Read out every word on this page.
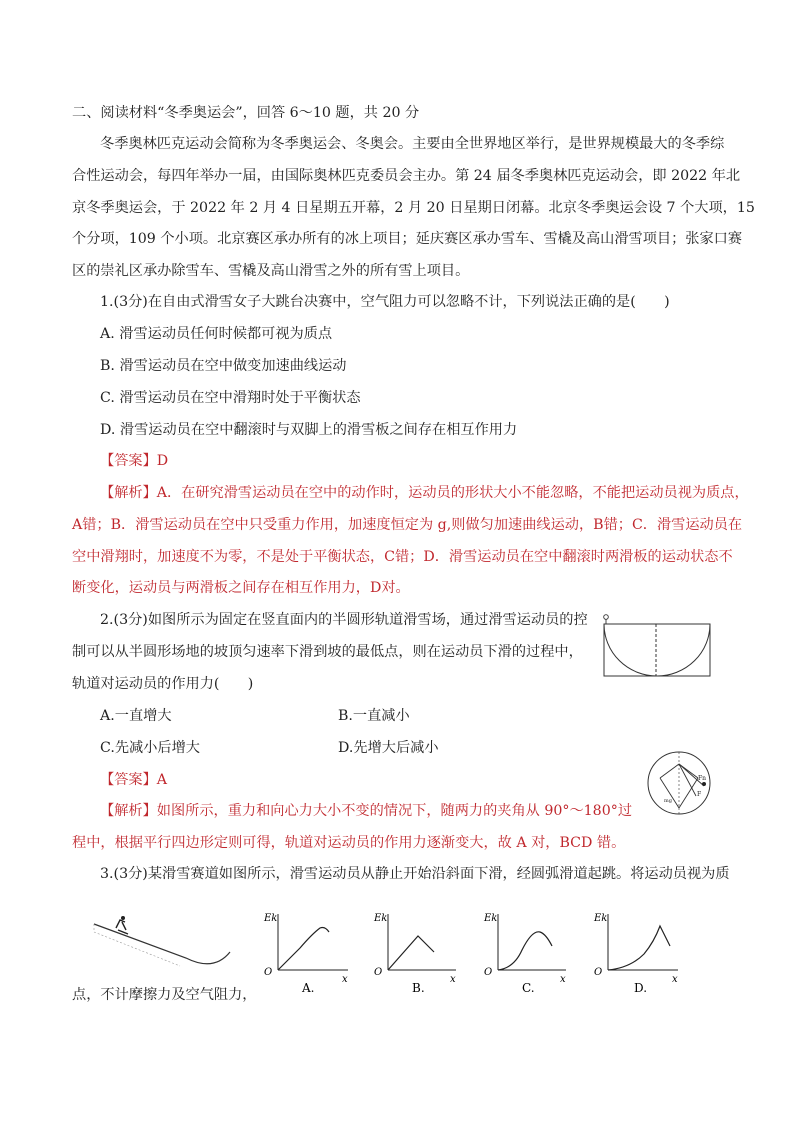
二、阅读材料“冬季奥运会”，回答 6～10 题，共 20 分
冬季奥林匹克运动会简称为冬季奥运会、冬奥会。主要由全世界地区举行，是世界规模最大的冬季综
合性运动会，每四年举办一届，由国际奥林匹克委员会主办。第 24 届冬季奥林匹克运动会，即 2022 年北
京冬季奥运会，于 2022 年 2 月 4 日星期五开幕，2 月 20 日星期日闭幕。北京冬季奥运会设 7 个大项，15
个分项，109 个小项。北京赛区承办所有的冰上项目；延庆赛区承办雪车、雪橇及高山滑雪项目；张家口赛
区的崇礼区承办除雪车、雪橇及高山滑雪之外的所有雪上项目。
1.(3分)在自由式滑雪女子大跳台决赛中，空气阻力可以忽略不计，下列说法正确的是(　　)
A. 滑雪运动员任何时候都可视为质点
B. 滑雪运动员在空中做变加速曲线运动
C. 滑雪运动员在空中滑翔时处于平衡状态
D. 滑雪运动员在空中翻滚时与双脚上的滑雪板之间存在相互作用力
【答案】D
【解析】A．在研究滑雪运动员在空中的动作时，运动员的形状大小不能忽略，不能把运动员视为质点，
A错；B．滑雪运动员在空中只受重力作用，加速度恒定为 g,则做匀加速曲线运动，B错；C．滑雪运动员在
空中滑翔时，加速度不为零，不是处于平衡状态，C错；D．滑雪运动员在空中翻滚时两滑板的运动状态不
断变化，运动员与两滑板之间存在相互作用力，D对。
2.(3分)如图所示为固定在竖直面内的半圆形轨道滑雪场，通过滑雪运动员的控
制可以从半圆形场地的坡顶匀速率下滑到坡的最低点，则在运动员下滑的过程中，
轨道对运动员的作用力(　　)
A.一直增大	B.一直减小
C.先减小后增大	D.先增大后减小
Fn
F
mg
【答案】A
【解析】如图所示，重力和向心力大小不变的情况下，随两力的夹角从 90°～180°过
程中，根据平行四边形定则可得，轨道对运动员的作用力逐渐变大，故 A 对，BCD 错。
3.(3分)某滑雪赛道如图所示，滑雪运动员从静止开始沿斜面下滑，经圆弧滑道起跳。将运动员视为质
点，不计摩擦力及空气阻力，
Ek
O
x
A.
Ek
O
x
B.
Ek
O
x
C.
Ek
O
x
D.
